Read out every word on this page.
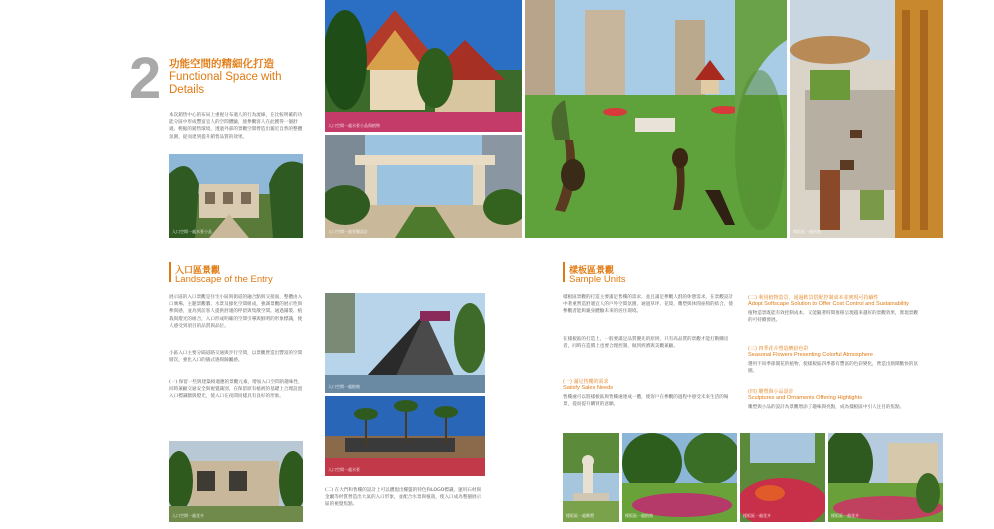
2 功能空間的精細化打造
Functional Space with Details
本次銷售中心的布局上重視分布適人的行為流線，在比較明確的功能分區中形成豐富宜人的空間體驗，使參觀客人在此獲得一個舒適、輕鬆的銷售環境，透過外部的景觀空間營造出親近自然的整體氛圍，從而達到提升銷售品質的效果。
入口空間一處水景小品
入口空間一處水景小品與植物
入口空間一處景觀設計	樣板區一處植被
入口區景觀
Landscape of the Entry
展示區的入口景觀是住宅小區與街道的融合點與交接面，整體由入口廣場、主題景觀牆、水景及綠化空間組成，強調景觀的展示性與參與感，並為到訪客人提供舒適的停留與集散空間。通過鋪裝、植栽與燈光的組合，入口形成明確的空間引導與鮮明的形象標識，使人感受到項目的品質與品位。
小區入口主要分隔道路交通與步行空間，以景觀營造出豐富的空間層次，強化入口的儀式感與歸屬感。
(一) 保留一些與建築相適應的景觀元素，增加入口空間的趣味性，同時兼顧交通安全與視覺識別，在保留原有植被的基礎上合理設置入口標識牆與燈光，使入口在夜間同樣具有良好的形象。
入口空間一處花卉
入口空間一處植被
入口空間一處水景
(二) 在大門和售樓的設計上可以體現出樓盤的特色和LOGO標識，運用石材與金屬等材質營造出大氣的入口形象，並配合水景與植栽，使入口成為整個展示區的視覺焦點。
樣板區景觀
Sample Units
樣板區景觀的打造主要滿足售樓的需求，並且滿足參觀人群的休憩需求，在景觀設計中著重營造舒適宜人的戶外空間氛圍，通過草坪、花境、雕塑與休閒座椅的結合，使參觀者能夠親身體驗未來的居住環境。
在樣板區的打造上，一般要滿足品質優先的原則，只有高品質的景觀才能打動購房者，同時在造價上也要合理控制，做到經濟與美觀兼顧。
(一) 滿足售樓的需求
Satisfy Sales Needs
售樓處可以將樣板區與售樓處連成一體，使客戶在參觀的過程中感受未來生活的場景，從而提升購買的意願。
(二) 利用植物造景，通過軟景搭配控制成本並實現可持續性
Adopt Softscape Solution to Offer Cost Control and Sustainability
植物造景既能有效控制成本，又能隨著時間推移呈現越來越好的景觀效果，實現景觀的可持續發展。
(三) 四季花卉塑造繽紛色彩
Seasonal Flowers Presenting Colorful Atmosphere
選用不同季節開花的植物，使樣板區四季都有豐富的色彩變化，營造出熱鬧歡快的氛圍。
(四) 雕塑與小品設計
Sculptures and Ornaments Offering Highlights
雕塑與小品的設計為景觀增添了趣味與亮點，成為樣板區中引人注目的焦點。
樣板區一處雕塑	樣板區一處植被	樣板區一處花卉	樣板區一處花卉
